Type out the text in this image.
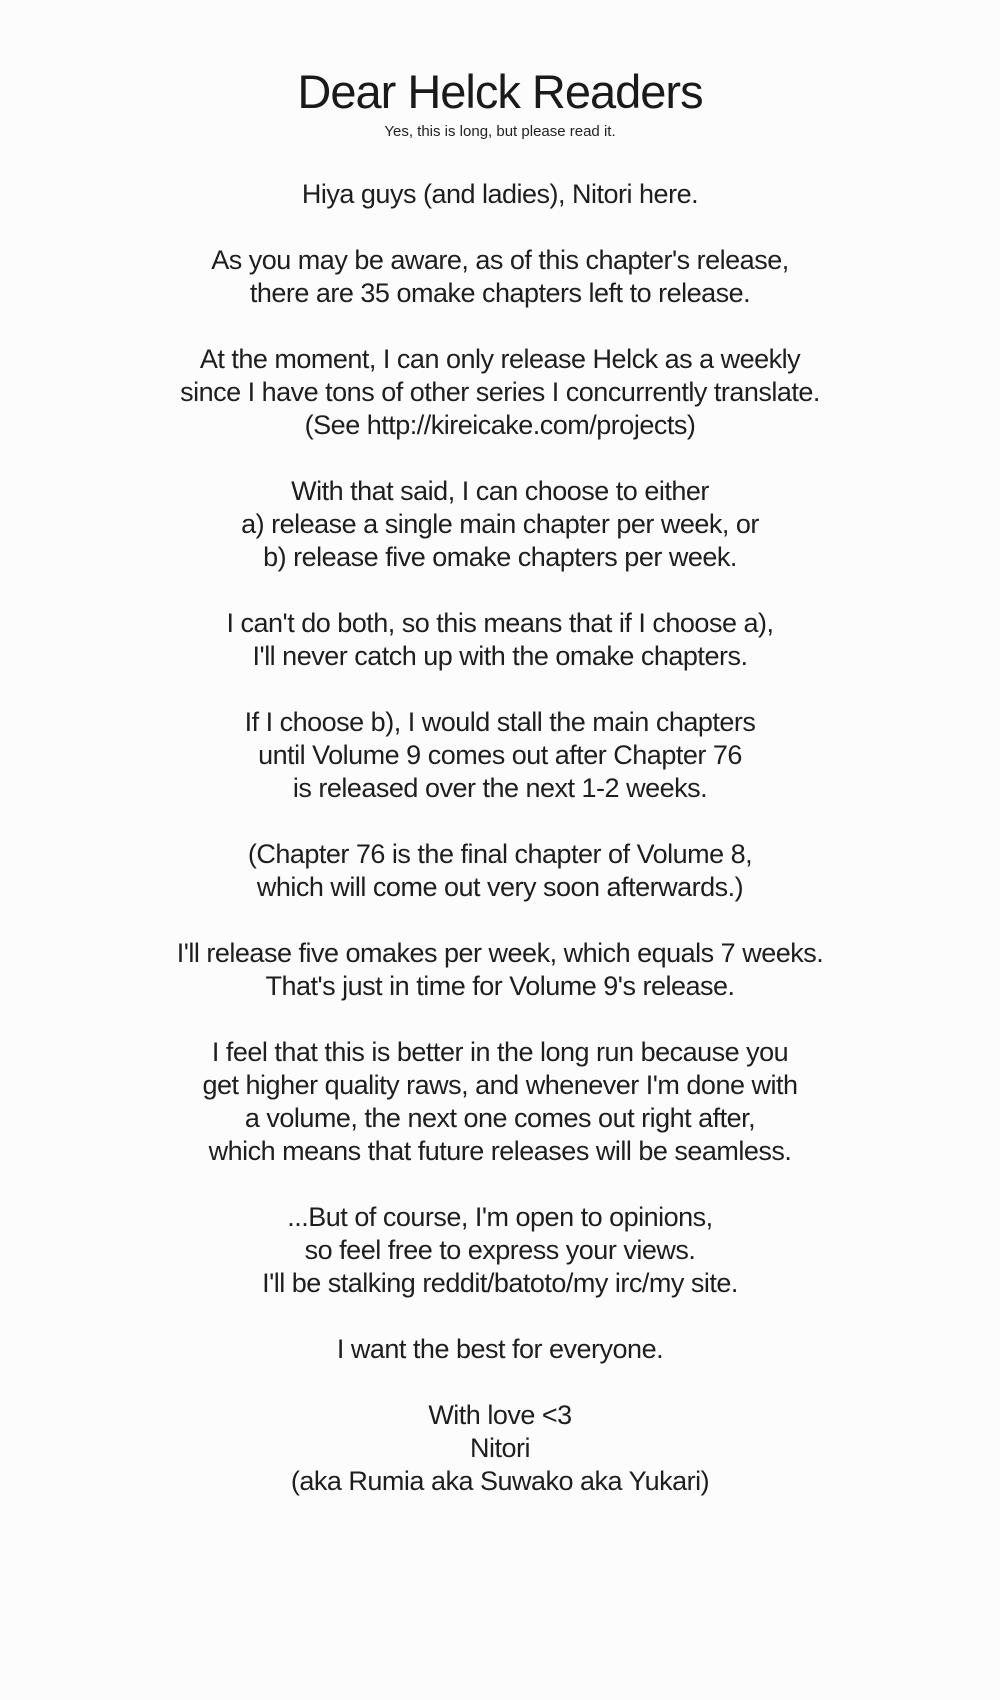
Dear Helck Readers
Yes, this is long, but please read it.

Hiya guys (and ladies), Nitori here.

As you may be aware, as of this chapter's release,
there are 35 omake chapters left to release.

At the moment, I can only release Helck as a weekly
since I have tons of other series I concurrently translate.
(See http://kireicake.com/projects)

With that said, I can choose to either
a) release a single main chapter per week, or
b) release five omake chapters per week.

I can't do both, so this means that if I choose a),
I'll never catch up with the omake chapters.

If I choose b), I would stall the main chapters
until Volume 9 comes out after Chapter 76
is released over the next 1-2 weeks.

(Chapter 76 is the final chapter of Volume 8,
which will come out very soon afterwards.)

I'll release five omakes per week, which equals 7 weeks.
That's just in time for Volume 9's release.

I feel that this is better in the long run because you
get higher quality raws, and whenever I'm done with
a volume, the next one comes out right after,
which means that future releases will be seamless.

...But of course, I'm open to opinions,
so feel free to express your views.
I'll be stalking reddit/batoto/my irc/my site.

I want the best for everyone.

With love <3
Nitori
(aka Rumia aka Suwako aka Yukari)
